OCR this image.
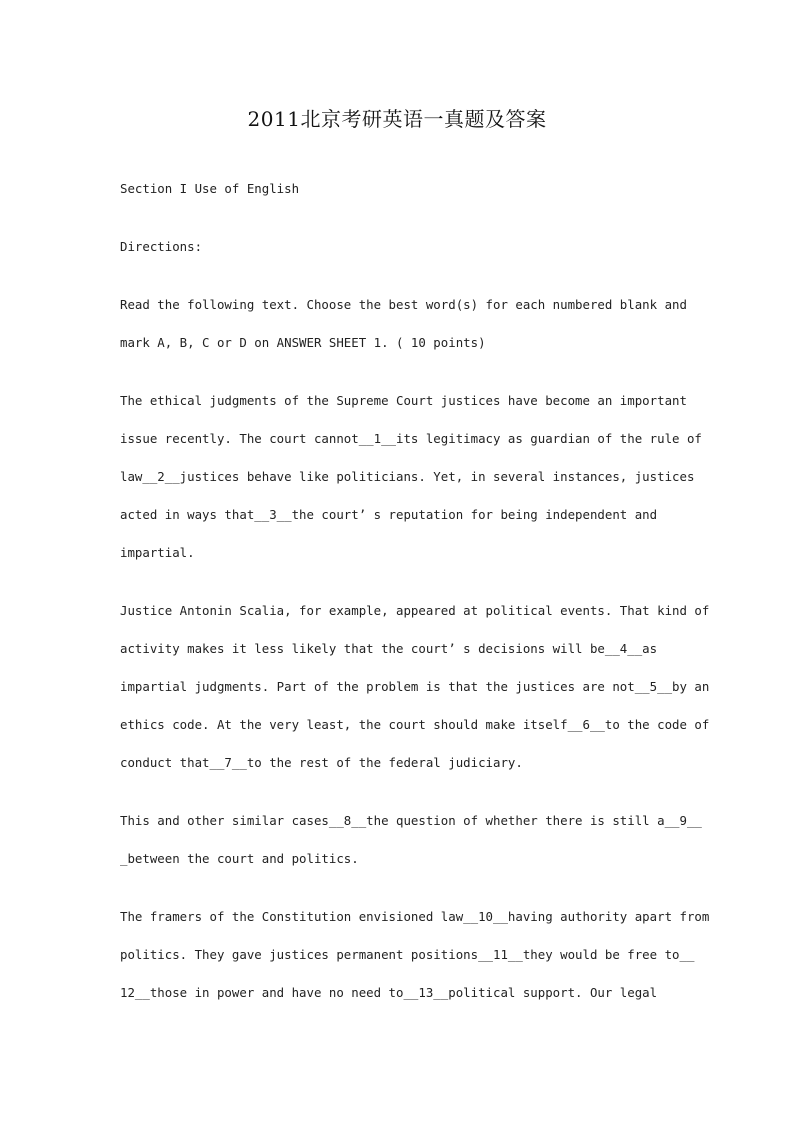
2011北京考研英语一真题及答案
Section I Use of English
Directions:
Read the following text. Choose the best word(s) for each numbered blank and
mark A, B, C or D on ANSWER SHEET 1. ( 10 points)
The ethical judgments of the Supreme Court justices have become an important
issue recently. The court cannot__1__its legitimacy as guardian of the rule of
law__2__justices behave like politicians. Yet, in several instances, justices
acted in ways that__3__the court’ s reputation for being independent and
impartial.
Justice Antonin Scalia, for example, appeared at political events. That kind of
activity makes it less likely that the court’ s decisions will be__4__as
impartial judgments. Part of the problem is that the justices are not__5__by an
ethics code. At the very least, the court should make itself__6__to the code of
conduct that__7__to the rest of the federal judiciary.
This and other similar cases__8__the question of whether there is still a__9__
_between the court and politics.
The framers of the Constitution envisioned law__10__having authority apart from
politics. They gave justices permanent positions__11__they would be free to__
12__those in power and have no need to__13__political support. Our legal
